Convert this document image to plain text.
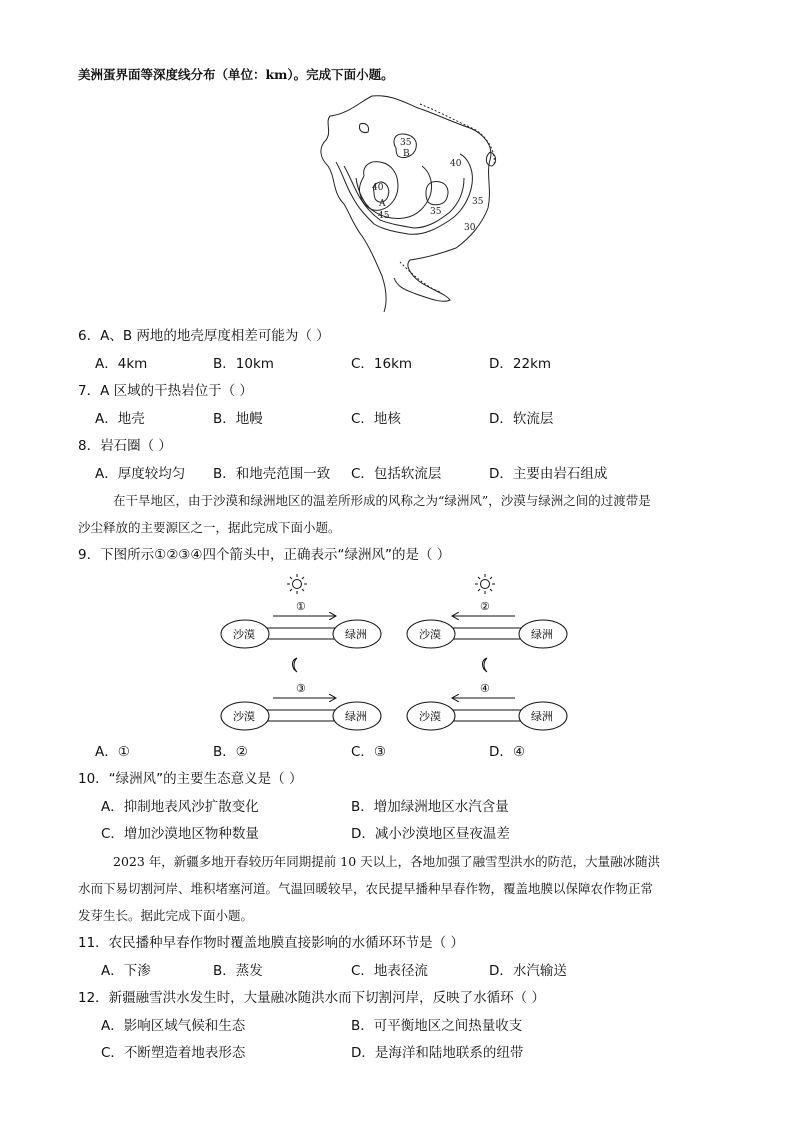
美洲蛋界面等深度线分布（单位：km）。完成下面小题。
35
B
40
40
A
45	35
35
30
6．A、B 两地的地壳厚度相差可能为（ ）
A．4km	B．10km	C．16km	D．22km
7．A 区域的干热岩位于（ ）
A．地壳	B．地幔	C．地核	D．软流层
8．岩石圈（ ）
A．厚度较均匀 B．和地壳范围一致 C．包括软流层	D．主要由岩石组成
在干旱地区，由于沙漠和绿洲地区的温差所形成的风称之为“绿洲风”，沙漠与绿洲之间的过渡带是
沙尘释放的主要源区之一，据此完成下面小题。
9．下图所示①②③④四个箭头中，正确表示“绿洲风”的是（ ）
①
沙漠	绿洲
②
沙漠	绿洲
③
沙漠	绿洲
④
沙漠	绿洲
A．①	B．②	C．③	D．④
10．“绿洲风”的主要生态意义是（ ）
A．抑制地表风沙扩散变化	B．增加绿洲地区水汽含量
C．增加沙漠地区物种数量	D．减小沙漠地区昼夜温差
2023 年，新疆多地开春较历年同期提前 10 天以上，各地加强了融雪型洪水的防范，大量融冰随洪
水而下易切割河岸、堆积堵塞河道。气温回暖较早，农民提早播种早春作物，覆盖地膜以保障农作物正常
发芽生长。据此完成下面小题。
11．农民播种早春作物时覆盖地膜直接影响的水循环环节是（ ）
A．下渗	B．蒸发	C．地表径流	D．水汽输送
12．新疆融雪洪水发生时，大量融冰随洪水而下切割河岸，反映了水循环（ ）
A．影响区域气候和生态	B．可平衡地区之间热量收支
C．不断塑造着地表形态	D．是海洋和陆地联系的纽带
